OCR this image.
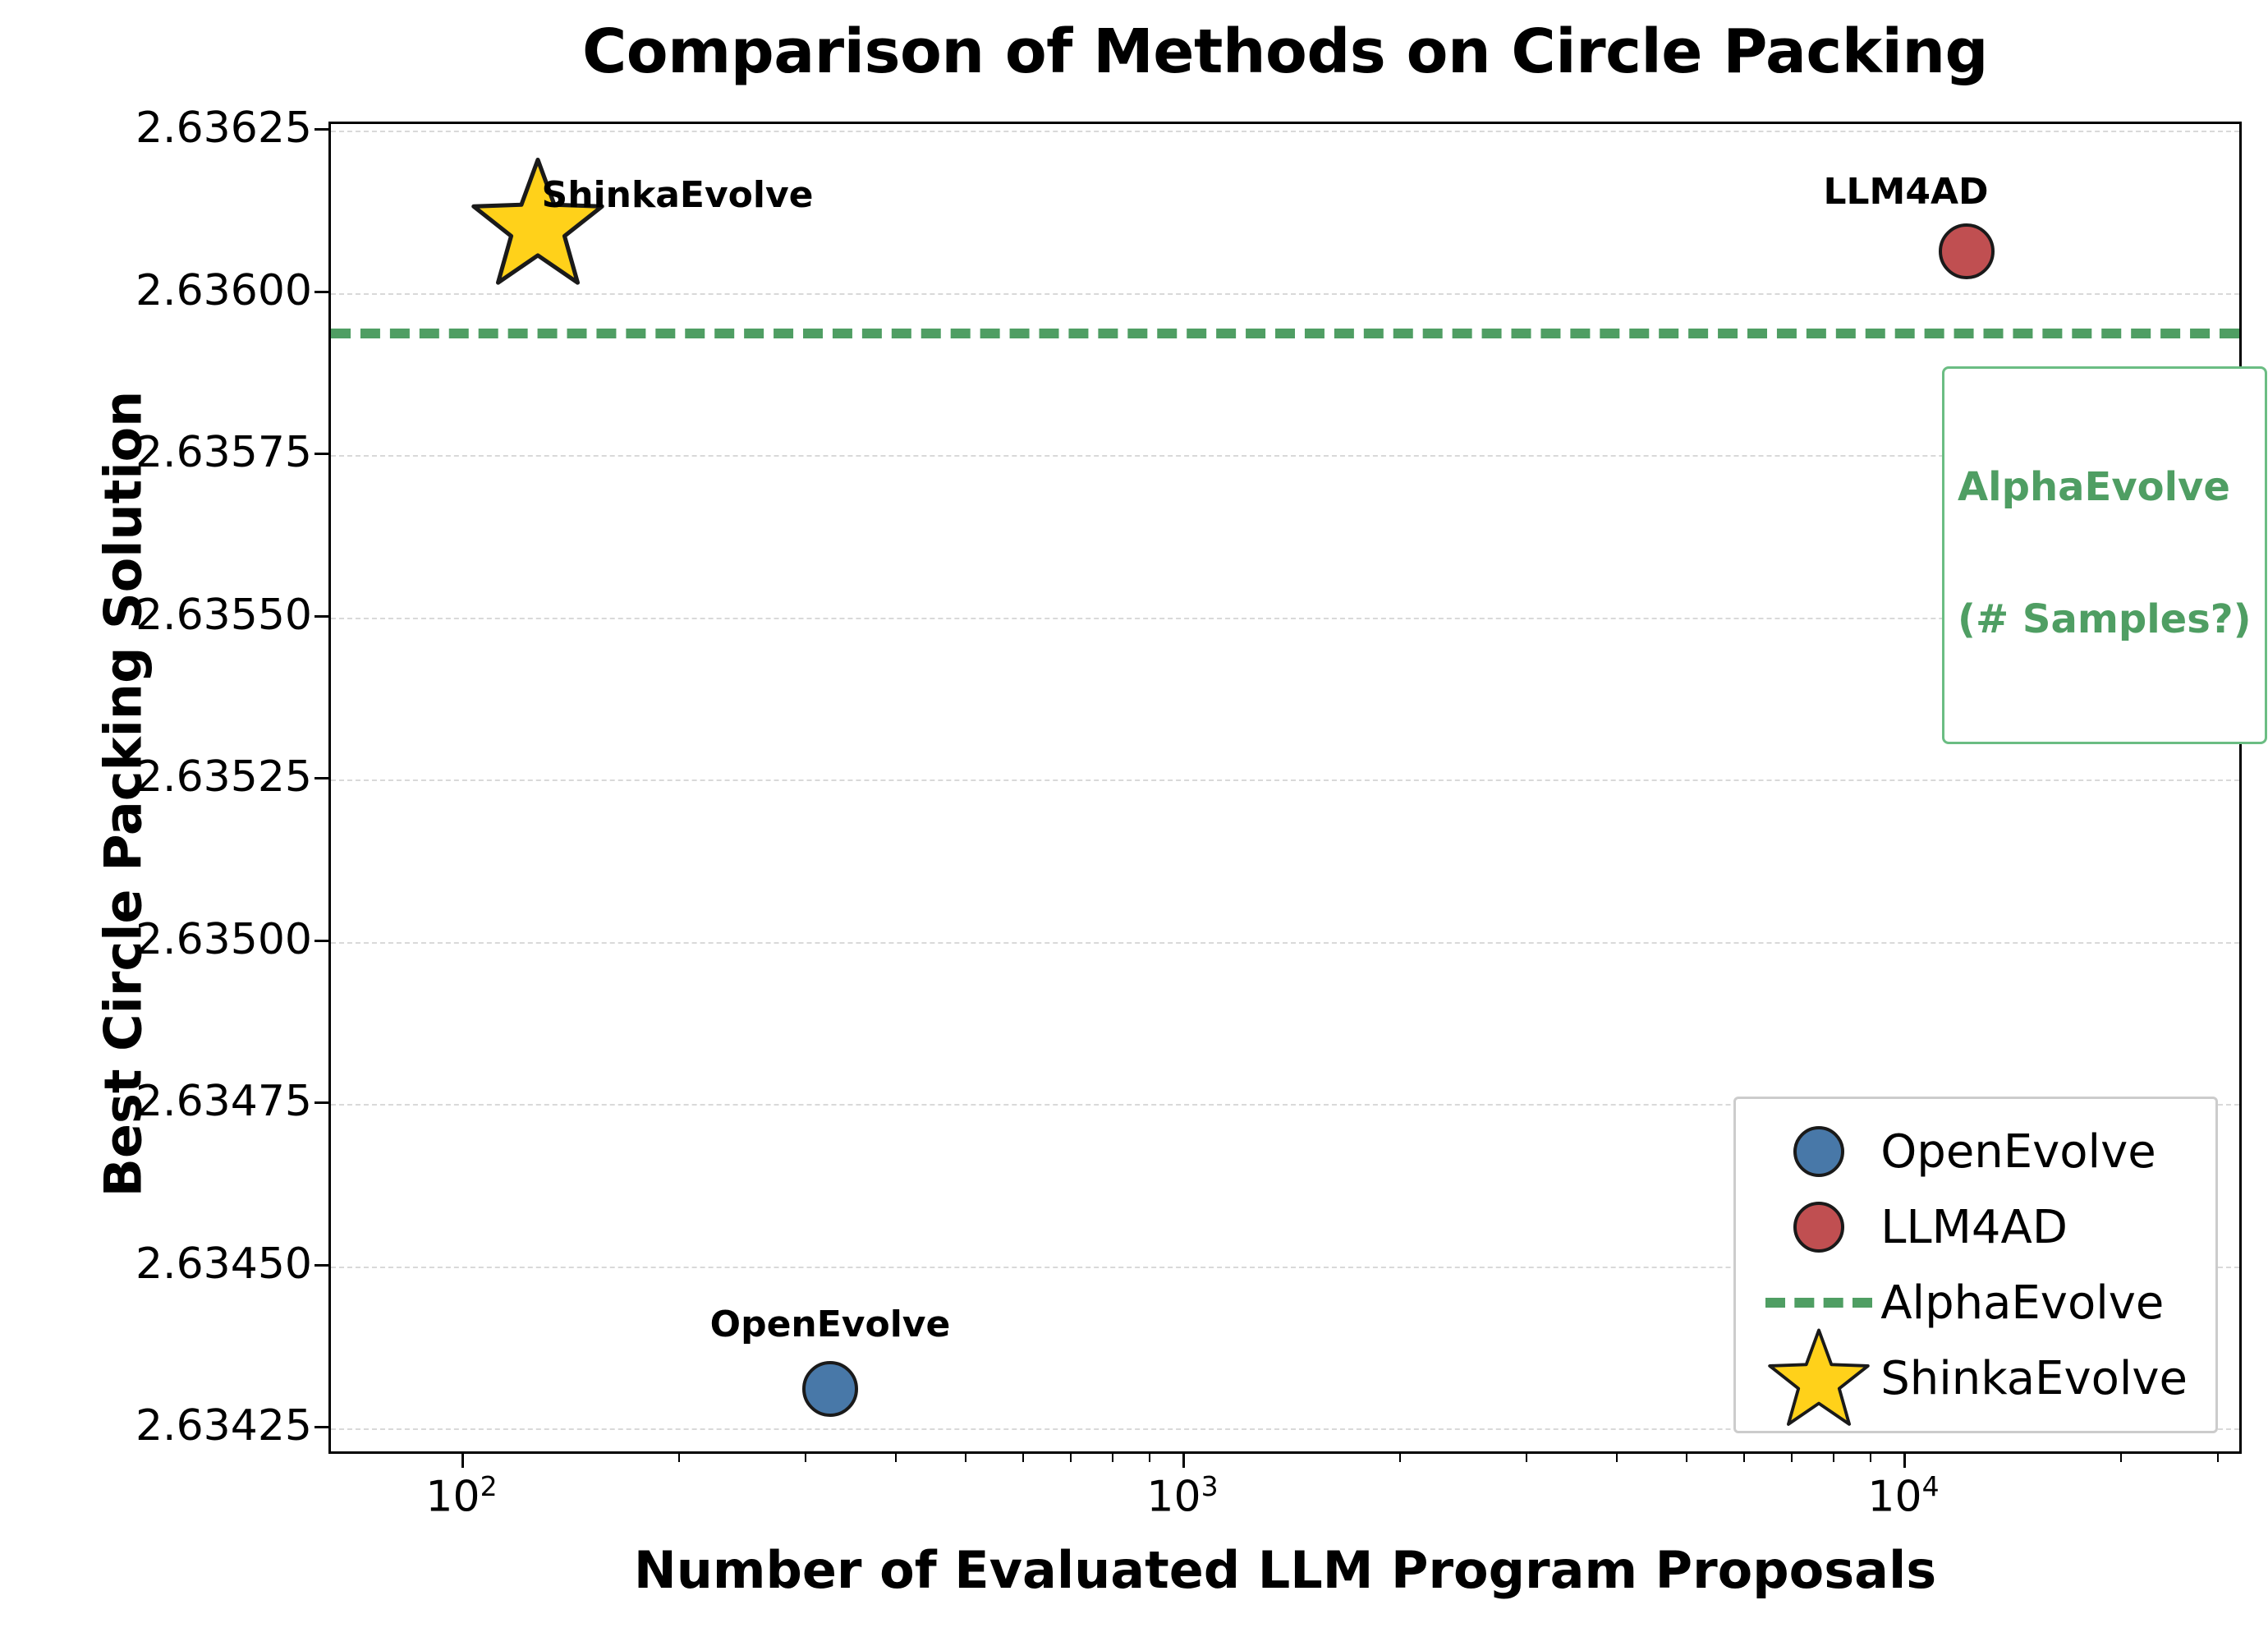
Comparison of Methods on Circle Packing
2.63625
2.63600
2.63575
2.63550
2.63525
2.63500
2.63475
2.63450
2.63425

AlphaEvolve

(# Samples?)

ShinkaEvolve	LLM4AD
OpenEvolve
OpenEvolve
LLM4AD
AlphaEvolve
ShinkaEvolve
$10^2$	$10^3$	$10^4$
Number of Evaluated LLM Program Proposals
Best Circle Packing Solution
